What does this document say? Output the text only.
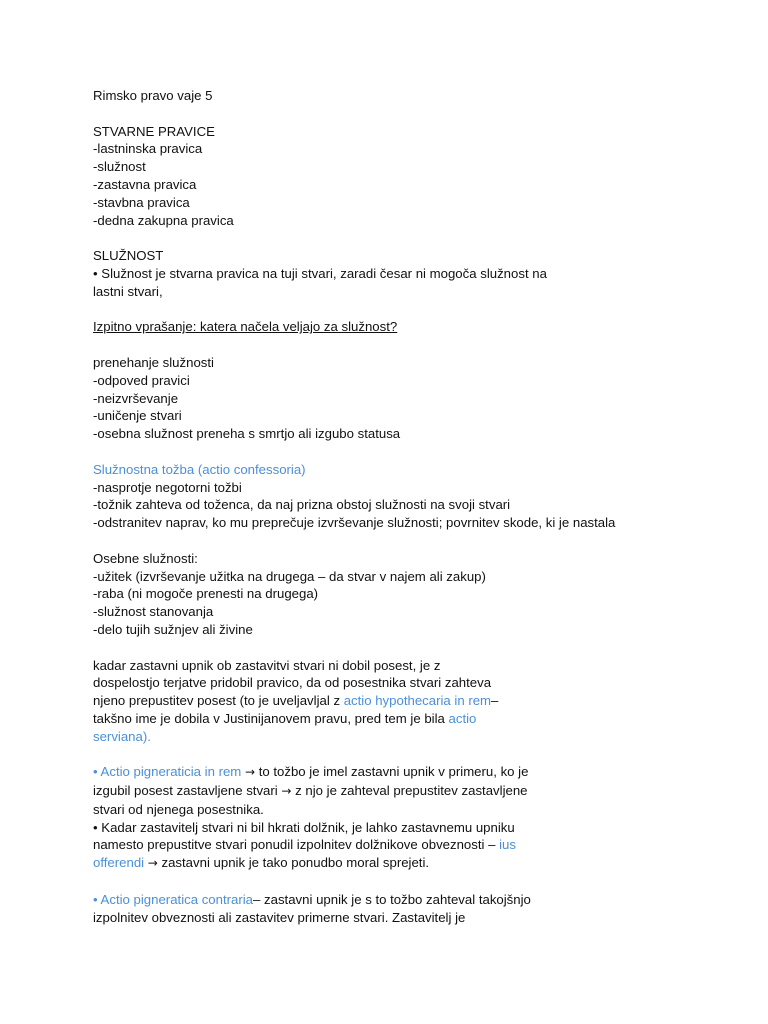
Rimsko pravo vaje 5
STVARNE PRAVICE
-lastninska pravica
-služnost
-zastavna pravica
-stavbna pravica
-dedna zakupna pravica
SLUŽNOST
• Služnost je stvarna pravica na tuji stvari, zaradi česar ni mogoča služnost na
lastni stvari,
Izpitno vprašanje: katera načela veljajo za služnost?
prenehanje služnosti
-odpoved pravici
-neizvrševanje
-uničenje stvari
-osebna služnost preneha s smrtjo ali izgubo statusa
Služnostna tožba (actio confessoria)
-nasprotje negotorni tožbi
-tožnik zahteva od toženca, da naj prizna obstoj služnosti na svoji stvari
-odstranitev naprav, ko mu preprečuje izvrševanje služnosti; povrnitev skode, ki je nastala
Osebne služnosti:
-užitek (izvrševanje užitka na drugega – da stvar v najem ali zakup)
-raba (ni mogoče prenesti na drugega)
-služnost stanovanja
-delo tujih sužnjev ali živine
kadar zastavni upnik ob zastavitvi stvari ni dobil posest, je z
dospelostjo terjatve pridobil pravico, da od posestnika stvari zahteva
njeno prepustitev posest (to je uveljavljal z actio hypothecaria in rem–
takšno ime je dobila v Justinijanovem pravu, pred tem je bila actio
serviana).
• Actio pigneraticia in rem → to tožbo je imel zastavni upnik v primeru, ko je
izgubil posest zastavljene stvari → z njo je zahteval prepustitev zastavljene
stvari od njenega posestnika.
• Kadar zastavitelj stvari ni bil hkrati dolžnik, je lahko zastavnemu upniku
namesto prepustitve stvari ponudil izpolnitev dolžnikove obveznosti – ius
offerendi → zastavni upnik je tako ponudbo moral sprejeti.
• Actio pigneratica contraria– zastavni upnik je s to tožbo zahteval takojšnjo
izpolnitev obveznosti ali zastavitev primerne stvari. Zastavitelj je
